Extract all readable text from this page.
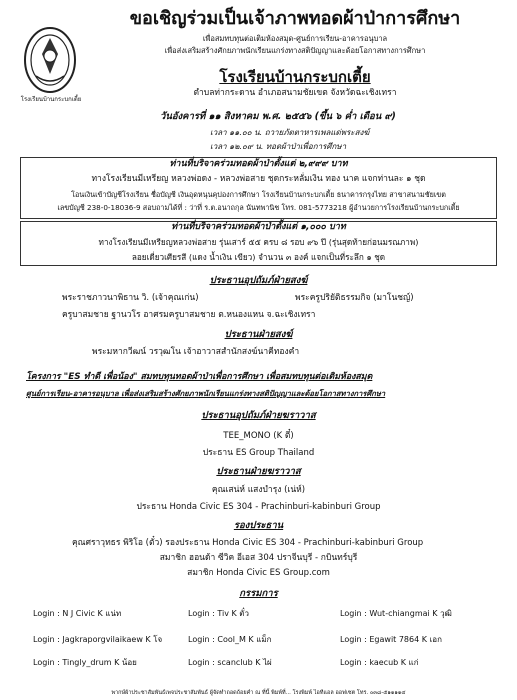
โรงเรียนบ้านกระบกเตี้ย
ขอเชิญร่วมเป็นเจ้าภาพทอดผ้าป่าการศึกษา
เพื่อสมทบทุนต่อเติมห้องสมุด-ศูนย์การเรียน-อาคารอนุบาล
เพื่อส่งเสริมสร้างศักยภาพนักเรียนแกร่งทางสติปัญญาและด้อยโอกาสทางการศึกษา
โรงเรียนบ้านกระบกเตี้ย
ตำบลท่ากระดาน อำเภอสนามชัยเขต จังหวัดฉะเชิงเทรา
วันอังคารที่ ๑๑ สิงหาคม พ.ศ. ๒๕๕๖ (ขึ้น ๖ ค่ำ เดือน ๙)
เวลา ๑๑.๐๐ น. ถวายภัตตาหารเพลแด่พระสงฆ์
เวลา ๑๒.๐๙ น. ทอดผ้าป่าเพื่อการศึกษา
ท่านที่บริจาคร่วมทอดผ้าป่าตั้งแต่ ๒,๙๙๙ บาท
ทางโรงเรียนมีเหรียญ หลวงพ่อดง - หลวงพ่อสาย ชุดกระหลั่มเงิน ทอง นาค แจกท่านละ ๑ ชุด
โอนเงินเข้าบัญชีโรงเรียน ชื่อบัญชี เงินอุดหนุนคุปองการศึกษา โรงเรียนบ้านกระบกเตี้ย ธนาคารกรุงไทย สาขาสนามชัยเขต
เลขบัญชี 238-0-18036-9 สอบถามได้ที่ : ว่าที่ ร.ต.อนาถกุล นันทพานิช โทร. 081-5773218 ผู้อำนวยการโรงเรียนบ้านกระบกเตี้ย
ท่านที่บริจาคร่วมทอดผ้าป่าตั้งแต่ ๑,๐๐๐ บาท
ทางโรงเรียนมีเหรียญหลวงพ่อสาย รุ่นเสาร์ ๕๕ ครบ ๘ รอบ ๙๖ ปี (รุ่นสุดท้ายก่อนมรณภาพ)
ลอยเดี่ยวเศียรสี (แดง น้ำเงิน เขียว) จำนวน ๓ องค์ แจกเป็นที่ระลึก ๑ ชุด
ประธานอุปถัมภ์ฝ่ายสงฆ์
พระราชภาวนาพิธาน วิ. (เจ้าคุณเก่น)	พระครูปริยัติธรรมกิจ (มาโนชญ์)
ครูบาสมชาย ฐานวโร อาศรมครูบาสมชาย ต.หนองแหน จ.ฉะเชิงเทรา
ประธานฝ่ายสงฆ์
พระมหากวีฒน์ วรวุฒโน เจ้าอาวาสสำนักสงฆ์นาคีทองคำ
โครงการ "ES ทำดี เพื่อน้อง" สมทบทุนทอดผ้าป่าเพื่อการศึกษา เพื่อสมทบทุนต่อเติมห้องสมุด
ศูนย์การเรียน-อาคารอนุบาล เพื่อส่งเสริมสร้างศักยภาพนักเรียนแกร่งทางสติปัญญาและด้อยโอกาสทางการศึกษา
ประธานอุปถัมภ์ฝ่ายฆราวาส
TEE_MONO (K ตี๋)
ประธาน ES Group Thailand
ประธานฝ่ายฆราวาส
คุณเสน่ห์ แสงบำรุง (เน่ห์)
ประธาน Honda Civic ES 304 - Prachinburi-kabinburi Group
รองประธาน
คุณศราวุทธร พิริโอ (ตั๋ว) รองประธาน Honda Civic ES 304 - Prachinburi-kabinburi Group
สมาชิก ฮอนด้า ซีวิค อีเอส 304 ปราจีนบุรี - กบินทร์บุรี
สมาชิก Honda Civic ES Group.com
กรรมการ
Login : N J Civic K แน่ท	Login : Tiv K ตั๋ว	Login : Wut-chiangmai K วุฒิ
Login : Jagkraporgvilaikaew K โจ	Login : Cool_M K แม็ก	Login : Egawit 7864 K เอก
Login : Tingly_drum K น้อย	Login : scanclub K ไผ่	Login : kaecub K แก่
พากษ์ผ้าประชาสัมพันธ์เพจประชาสัมพันธ์ ผู้จัดทำถอดถ้อยคำ ณ ที่นี้ พิมพ์ที่... โรงพิมพ์ ไอทีแอล ออฟเซต โทร. ๐๓๘-๕๑๑๑๑๔
